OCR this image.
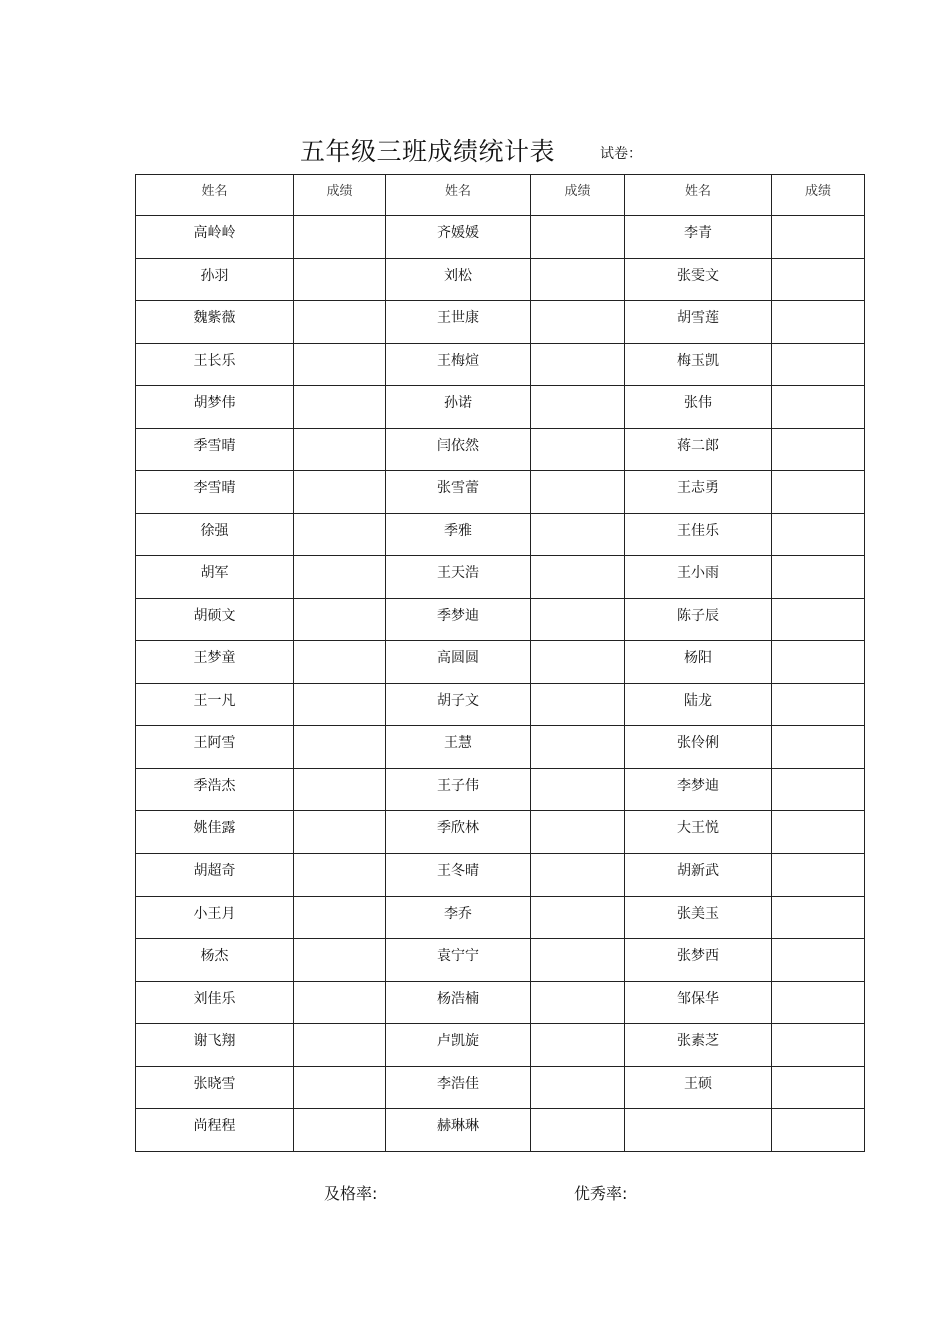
五年级三班成绩统计表	试卷：
姓名	成绩	姓名	成绩	姓名	成绩
高岭岭		齐媛媛		李青	
孙羽		刘松		张雯文	
魏紫薇		王世康		胡雪莲	
王长乐		王梅煊		梅玉凯	
胡梦伟		孙诺		张伟	
季雪晴		闫依然		蒋二郎	
李雪晴		张雪蕾		王志勇	
徐强		季雅		王佳乐	
胡军		王天浩		王小雨	
胡硕文		季梦迪		陈子辰	
王梦童		高圆圆		杨阳	
王一凡		胡子文		陆龙	
王阿雪		王慧		张伶俐	
季浩杰		王子伟		李梦迪	
姚佳露		季欣林		大王悦	
胡超奇		王冬晴		胡新武	
小王月		李乔		张美玉	
杨杰		袁宁宁		张梦西	
刘佳乐		杨浩楠		邹保华	
谢飞翔		卢凯旋		张素芝	
张晓雪		李浩佳		王硕	
尚程程		赫琳琳			
及格率:	优秀率:
